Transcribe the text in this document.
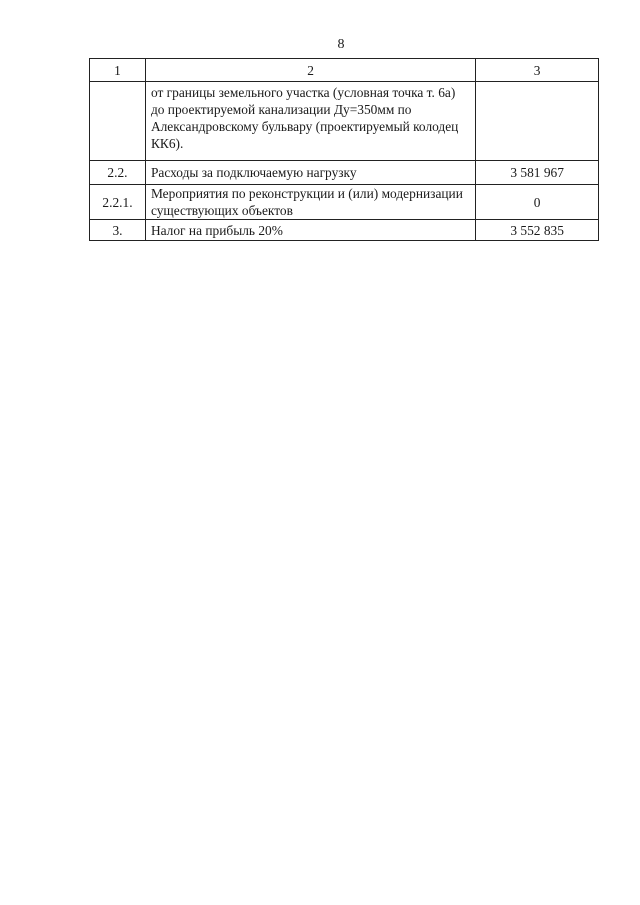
8
1	2	3
	от границы земельного участка (условная точка т. 6а) до проектируемой канализации Ду=350мм по Александровскому бульвару (проектируемый колодец КК6).	
2.2.	Расходы за подключаемую нагрузку	3 581 967
2.2.1.	Мероприятия по реконструкции и (или) модернизации существующих объектов	0
3.	Налог на прибыль 20%	3 552 835
